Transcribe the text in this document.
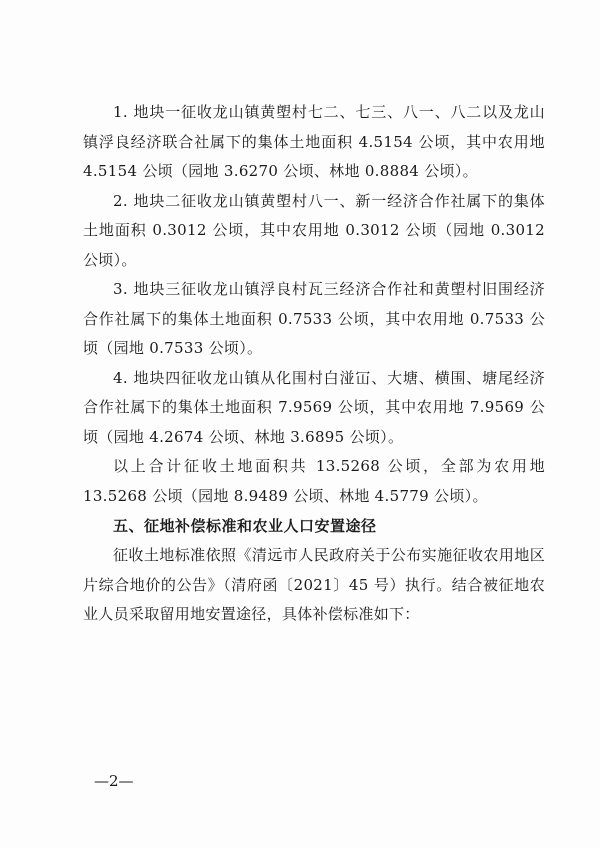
1. 地块一征收龙山镇黄塱村七二、七三、八一、八二以及龙山镇浮良经济联合社属下的集体土地面积 4.5154 公顷，其中农用地 4.5154 公顷（园地 3.6270 公顷、林地 0.8884 公顷）。

2. 地块二征收龙山镇黄塱村八一、新一经济合作社属下的集体土地面积 0.3012 公顷，其中农用地 0.3012 公顷（园地 0.3012 公顷）。

3. 地块三征收龙山镇浮良村瓦三经济合作社和黄塱村旧围经济合作社属下的集体土地面积 0.7533 公顷，其中农用地 0.7533 公顷（园地 0.7533 公顷）。

4. 地块四征收龙山镇从化围村白湴冚、大塘、横围、塘尾经济合作社属下的集体土地面积 7.9569 公顷，其中农用地 7.9569 公顷（园地 4.2674 公顷、林地 3.6895 公顷）。

以上合计征收土地面积共 13.5268 公顷，全部为农用地 13.5268 公顷（园地 8.9489 公顷、林地 4.5779 公顷）。

五、征地补偿标准和农业人口安置途径

征收土地标准依照《清远市人民政府关于公布实施征收农用地区片综合地价的公告》（清府函〔2021〕45 号）执行。结合被征地农业人员采取留用地安置途径，具体补偿标准如下：

—2—
